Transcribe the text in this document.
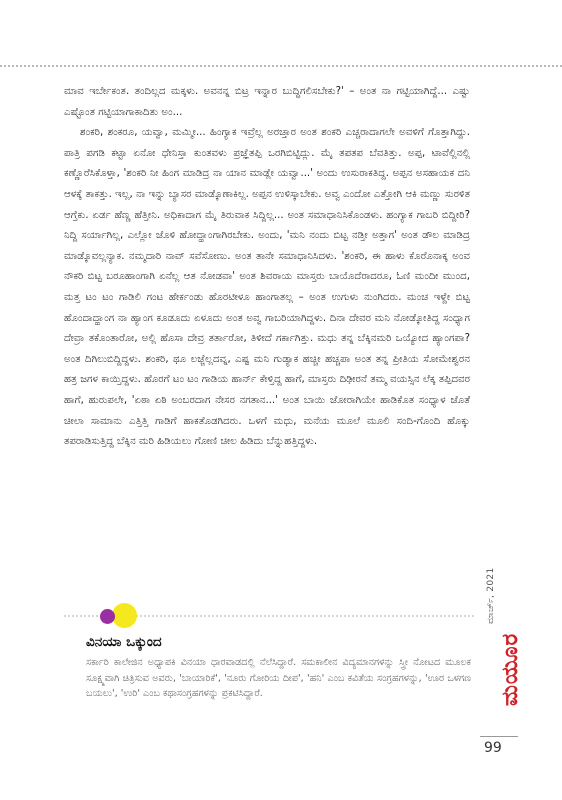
ಮಾವ ಇರ್ಬೇಕಂತ. ತಂದಿಲ್ಲದ ಮಕ್ಕಳು. ಅವನನ್ನ ಬಿಟ್ರ ಇನ್ನಾರ ಬುದ್ಧಿಗಲಿಸಬೇಕು?' – ಅಂತ ನಾ ಗಟ್ಟಿಯಾಗಿದ್ದೆ... ಎಷ್ಟು ಎಷ್ಟೊಂತ ಗಟ್ಟಿಯಾಗಾಕಾದಿತು ಅಂ...

ಶಂಕರಿ, ಶಂಕರೂ, ಯವ್ವಾ, ಮಮ್ಮೀ... ಹಿಂಗ್ಯಾಕ ಇವ್ರೆಲ್ಲ ಅರಚ್ತಾರ ಅಂತ ಶಂಕರಿ ಎಚ್ಚರಾದಾಗಲೇ ಅವಳಿಗೆ ಗೊತ್ತಾಗಿದ್ದು. ಪಾತ್ರಿ ಪಗಡಿ ಕಟ್ಟಾ ಏನೋ ಧೇನಿಸ್ತಾ ಕುಂತವಳು ಪ್ರಜ್ಞೆತಪ್ಪಿ ಒರಗಿಬಿಟ್ಟಿದ್ಲು. ಮೈ ತಪತಪ ಬೆವತಿತ್ತು. ಅಪ್ಪ, ಟಾವೆಲ್ಲಿನಲ್ಲಿ ಕಣ್ಣೊರೆಸಿಕೊಳ್ತಾ, 'ಶಂಕರಿ ನೀ ಹಿಂಗ ಮಾಡಿದ್ರ ನಾ ಯಾನ ಮಾಡ್ಲೇ ಯವ್ವಾ...' ಅಂದು ಉಸುರಾಕತಿದ್ದ. ಅಪ್ಪನ ಅಸಹಾಯಕ ದನಿ ಆಳಕ್ಕೆ ತಾಕತ್ತು. ಇಲ್ಲ, ನಾ ಇನ್ನು ಬ್ಯಾಸರ ಮಾಡ್ಕೊಣಾಕಿಲ್ಲ. ಅಪ್ಪನ ಉಳಿಸ್ಕಾಬೇಕು. ಅವ್ವ ಎಂದೋ ಎತ್ತೋಗಿ ಆಕಿ ಮಣ್ಣು ಸುರಳಿತ ಆಗ್ತೆಕು. ಏರ್ಡ ಹೆಣ್ಣ ಹೆತ್ತೀನಿ. ಅಧಿಕಾದಾಗ ಮೈ ತಿರುವಾಕ ಸಿದ್ದಿಲ್ಲ... ಅಂತ ಸಮಾಧಾನಿಸಿಕೊಂಡಳು. ಹಂಗ್ಯಾಕ ಗಾಬರಿ ಬಿದ್ದೀರಿ? ನಿದ್ದಿ ಸರ್ಯಾಗಿಲ್ಲ, ಎಲ್ಲೋ ಜೊಳಿ ಹೋದ್ಹಾಂಗಾಗಿರಬೇಕು. ಅಂದು, 'ಮನಿ ನಂದು ಬಿಟ್ಟ ನಡ್ತೀ ಅತ್ತಾಗ' ಅಂತ ಡೌಲ ಮಾಡಿದ್ರ ಮಾಡ್ಕೊವಲ್ಲನ್ಯಾಕ. ನಮ್ಮದಾರಿ ನಾವ್ ಸವೆಸೋಣು. ಅಂತ ತಾನೇ ಸಮಾಧಾನಿಸಿದಳು. 'ಶಂಕರಿ, ಈ ಹಾಳು ಕೊರೊನಾಕ್ಕ ಅಂವ ನೌಕರಿ ಬಿಟ್ಟ ಬರೂಹಾಂಗಾಗಿ ಏನೆಲ್ಲ ಆತ ನೋಡವಾ' ಅಂತ ಶಿವರಾಯ ಮಾಸ್ತರು ಬಾಯೊದೆರಾದರೂ, ಓಣಿ ಮಂದೀ ಮುಂದ, ಮತ್ತ ಟಂ ಟಂ ಗಾಡಿಲಿ ಗಂಟ ಹೇರ್ಕಂಡು ಹೊರಟೀಳೂ ಹಾಂಗಾತಲ್ಲ – ಅಂತ ಉಗುಳು ನುಂಗಿದರು. ಮಂಚ ಇಳ್ದೇ ಬಿಟ್ಟ ಹೊಂದಾದ್ಹಾಂಗ ನಾ ಹ್ಯಾಂಗ ಕೂಡೂದು ಏಳೂದು ಅಂತ ಅವ್ವ ಗಾಬರಿಯಾಗಿದ್ದಳು. ದಿನಾ ದೇವರ ಮನಿ ನೋಡ್ಕೋತಿದ್ದ ಸಂಧ್ಯಾಗ ದೇವ್ರಾ ತಕೊಂತಾರೋ, ಅಲ್ಲಿ ಹೊಸಾ ದೇವ್ರ ತರ್ತಾರೋ, ತಿಳೀದೆ ಗರ್ಕಾಗಿತ್ತು. ಮಧು ತನ್ನ ಬೆಕ್ಕಿನಮರಿ ಒಯ್ಯೋದ ಹ್ಯಾಂಗಪಾ? ಅಂತ ದಿಗಿಲುಬಿದ್ದಿದ್ದಳು. ಶಂಕರಿ, ಥೂ ಲಜ್ಜೆಲ್ಲದವ್ನ, ಎಷ್ಟ ಮನಿ ಗುಡ್ಯಾಕ ಹಚ್ಚೀ ಹಚ್ಚಪಾ ಅಂತ ತನ್ನ ಪ್ರೀತಿಯ ಸೋಮೇಶ್ವರನ ಹತ್ರ ಜಗಳ ಕಾಯ್ತಿದ್ದಳು. ಹೊರಗೆ ಟಂ ಟಂ ಗಾಡಿಯ ಹಾರ್ನ್ ಕೇಳ್ತಿದ್ದ ಹಾಗೆ, ಮಾಸ್ತರು ದಿಢೀರನೆ ತಮ್ಮ ವಯಸ್ಸಿನ ಲೆಕ್ಕ ತಪ್ಪಿದವರ ಹಾಗೆ, ಹುರುಪಲೇ, 'ಏಠಾ ಏಠಿ ಅಂಬರದಾಗ ನೇಸರ ನಗತಾನ...' ಅಂತ ಬಾಯಿ ಜೋರಾಗಿಯೇ ಹಾಡಿಕೊತ ಸಂಧ್ಯಾಳ ಜೊತೆ ಚೀಲಾ ಸಾಮಾನು ಎತ್ತಿತ್ತಿ ಗಾಡಿಗೆ ಹಾಕತೊಡಗಿದರು. ಒಳಗೆ ಮಧು, ಮನೆಯ ಮೂಲೆ ಮೂಲಿ ಸಂದಿ-ಗೊಂದಿ ಹೊಕ್ಕು ತಪರಾಡಿಸುತ್ತಿದ್ದ ಬೆಕ್ಕಿನ ಮರಿ ಹಿಡಿಯಲು ಗೋಣಿ ಚೀಲ ಹಿಡಿದು ಬೆನ್ನುಹತ್ತಿದ್ದಳು.

ವಿನಯಾ ಒಕ್ಕುಂದ
ಸರ್ಕಾರಿ ಕಾಲೇಜಿನ ಅಧ್ಯಾಪಕಿ ವಿನಯಾ ಧಾರವಾಡದಲ್ಲಿ ನೆಲೆಸಿದ್ದಾರೆ. ಸಮಕಾಲೀನ ವಿದ್ಯಮಾನಗಳನ್ನು ಸ್ತ್ರೀ ನೋಟದ ಮೂಲಕ ಸೂಕ್ಷ್ಮವಾಗಿ ಚಿತ್ರಿಸುವ ಅವರು, 'ಬಾಯಾರಿಕೆ', 'ನೂರು ಗೋರಿಯ ದೀಪ', 'ಹನಿ' ಎಂಬ ಕವಿತೆಯ ಸಂಗ್ರಹಗಳನ್ನು, 'ಊರ ಒಳಗಣ ಬಯಲು', 'ಉರಿ' ಎಂಬ ಕಥಾಸಂಗ್ರಹಗಳನ್ನು ಪ್ರಕಟಿಸಿದ್ದಾರೆ.
ಮಾರ್ಚ್, 2021
ಮಯೂರ
99
